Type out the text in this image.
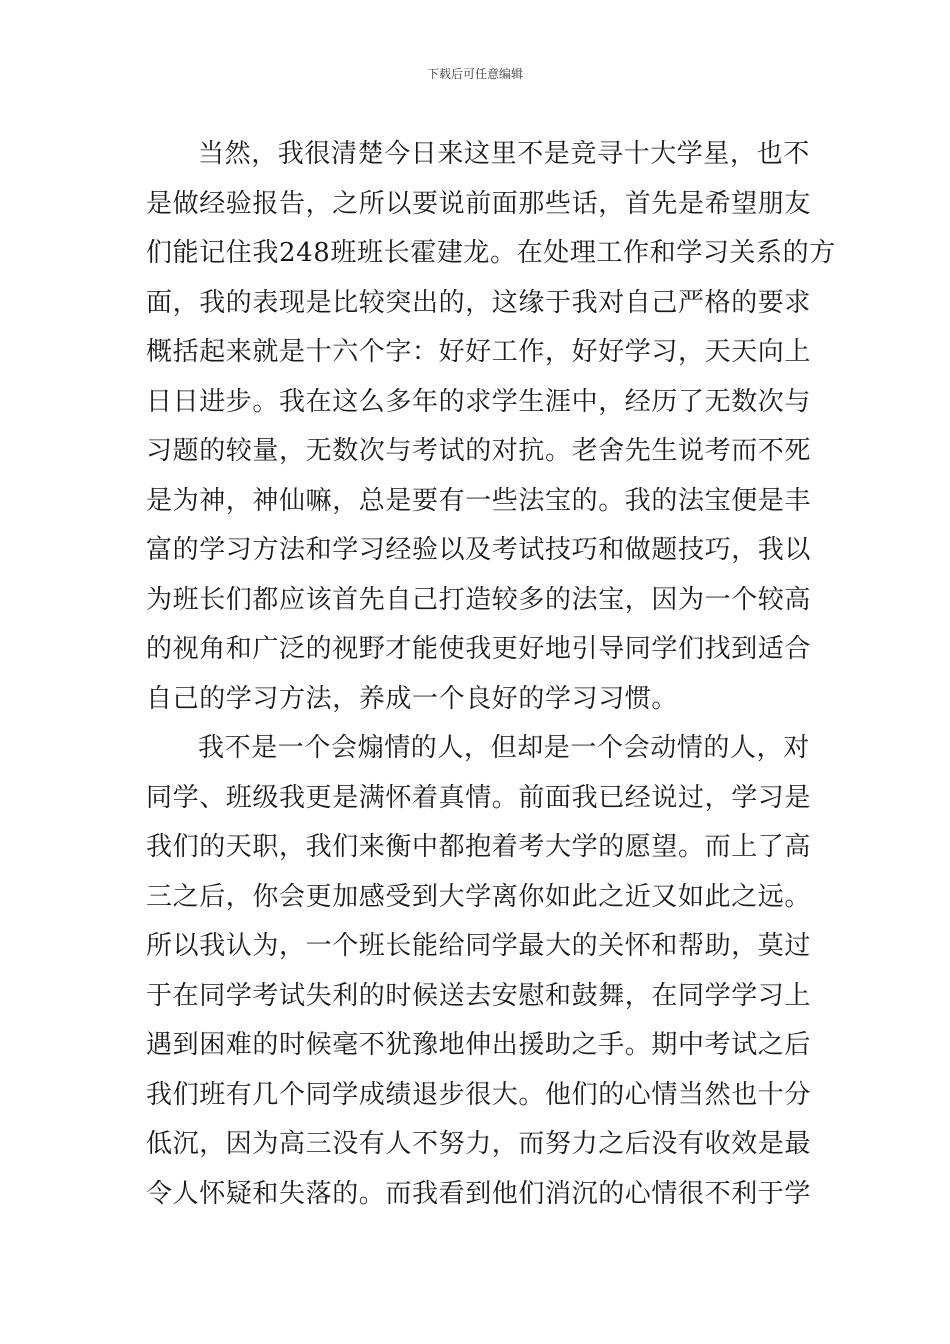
下载后可任意编辑
当然，我很清楚今日来这里不是竞寻十大学星，也不
是做经验报告，之所以要说前面那些话，首先是希望朋友
们能记住我248班班长霍建龙。在处理工作和学习关系的方
面，我的表现是比较突出的，这缘于我对自己严格的要求
概括起来就是十六个字：好好工作，好好学习，天天向上
日日进步。我在这么多年的求学生涯中，经历了无数次与
习题的较量，无数次与考试的对抗。老舍先生说考而不死
是为神，神仙嘛，总是要有一些法宝的。我的法宝便是丰
富的学习方法和学习经验以及考试技巧和做题技巧，我以
为班长们都应该首先自己打造较多的法宝，因为一个较高
的视角和广泛的视野才能使我更好地引导同学们找到适合
自己的学习方法，养成一个良好的学习习惯。
我不是一个会煽情的人，但却是一个会动情的人，对
同学、班级我更是满怀着真情。前面我已经说过，学习是
我们的天职，我们来衡中都抱着考大学的愿望。而上了高
三之后，你会更加感受到大学离你如此之近又如此之远。
所以我认为，一个班长能给同学最大的关怀和帮助，莫过
于在同学考试失利的时候送去安慰和鼓舞，在同学学习上
遇到困难的时候毫不犹豫地伸出援助之手。期中考试之后
我们班有几个同学成绩退步很大。他们的心情当然也十分
低沉，因为高三没有人不努力，而努力之后没有收效是最
令人怀疑和失落的。而我看到他们消沉的心情很不利于学
